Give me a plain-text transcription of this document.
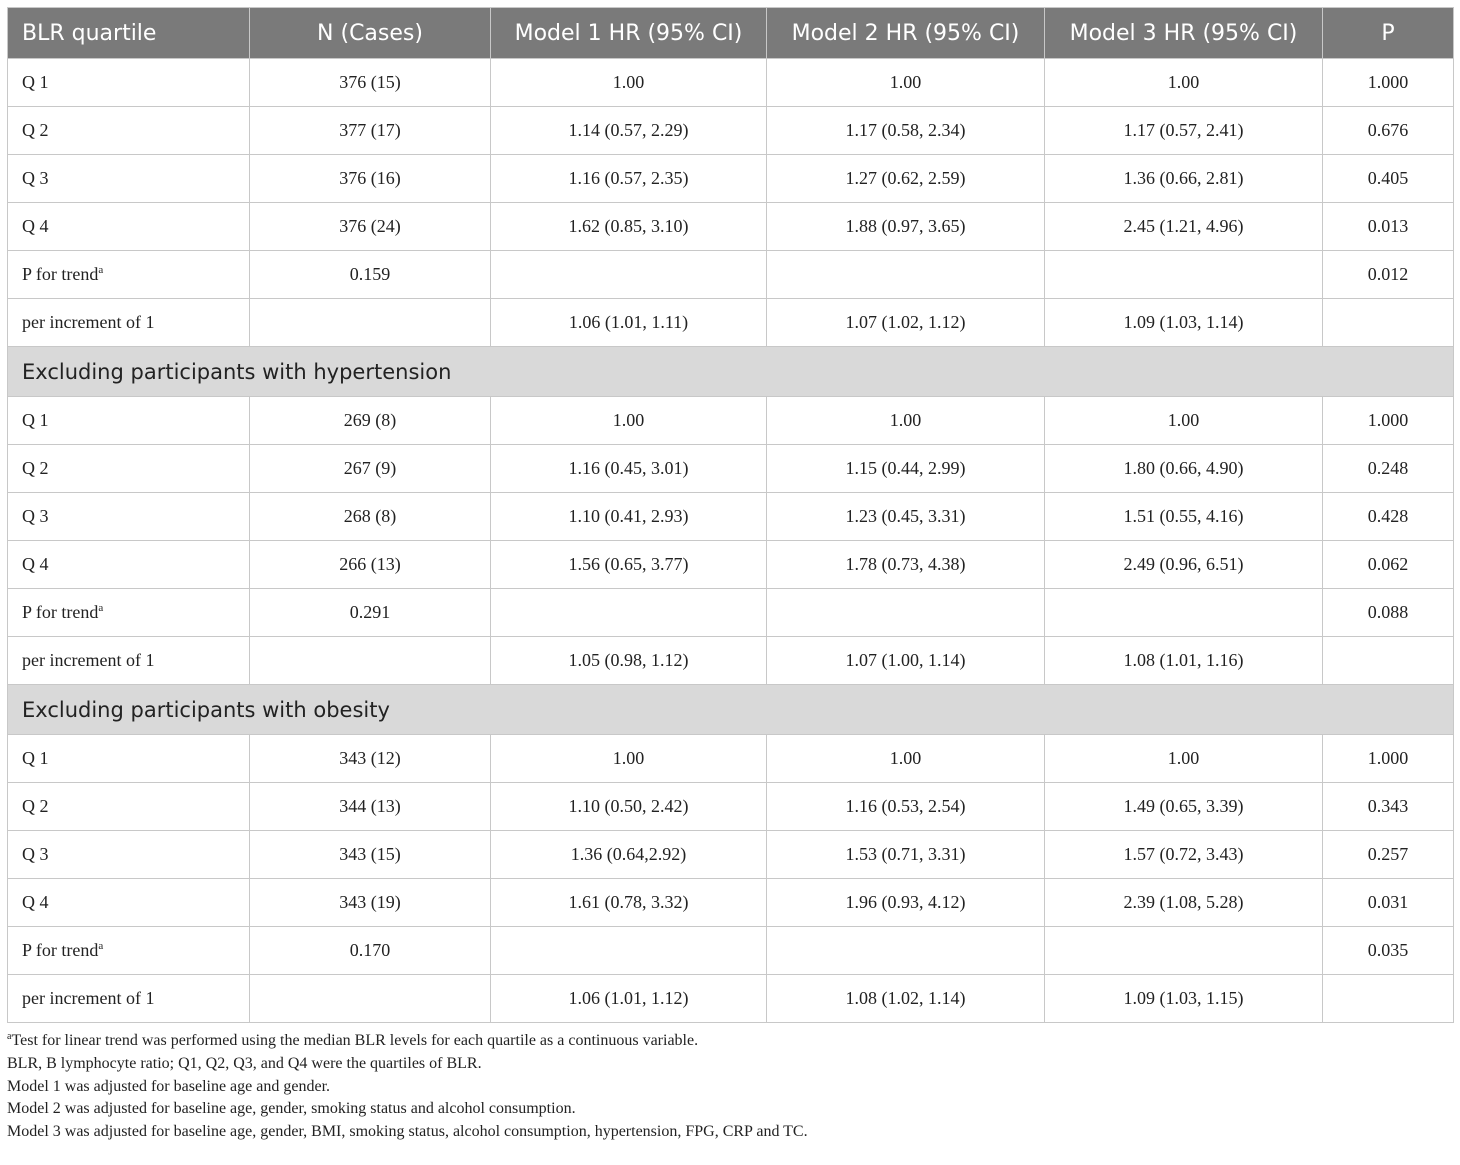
BLR quartile	N (Cases)	Model 1 HR (95% CI)	Model 2 HR (95% CI)	Model 3 HR (95% CI)	P
Q 1	376 (15)	1.00	1.00	1.00	1.000
Q 2	377 (17)	1.14 (0.57, 2.29)	1.17 (0.58, 2.34)	1.17 (0.57, 2.41)	0.676
Q 3	376 (16)	1.16 (0.57, 2.35)	1.27 (0.62, 2.59)	1.36 (0.66, 2.81)	0.405
Q 4	376 (24)	1.62 (0.85, 3.10)	1.88 (0.97, 3.65)	2.45 (1.21, 4.96)	0.013
P for trend$^a$	0.159				0.012
per increment of 1		1.06 (1.01, 1.11)	1.07 (1.02, 1.12)	1.09 (1.03, 1.14)	
Excluding participants with hypertension					
Q 1	269 (8)	1.00	1.00	1.00	1.000
Q 2	267 (9)	1.16 (0.45, 3.01)	1.15 (0.44, 2.99)	1.80 (0.66, 4.90)	0.248
Q 3	268 (8)	1.10 (0.41, 2.93)	1.23 (0.45, 3.31)	1.51 (0.55, 4.16)	0.428
Q 4	266 (13)	1.56 (0.65, 3.77)	1.78 (0.73, 4.38)	2.49 (0.96, 6.51)	0.062
P for trend$^a$	0.291				0.088
per increment of 1		1.05 (0.98, 1.12)	1.07 (1.00, 1.14)	1.08 (1.01, 1.16)	
Excluding participants with obesity					
Q 1	343 (12)	1.00	1.00	1.00	1.000
Q 2	344 (13)	1.10 (0.50, 2.42)	1.16 (0.53, 2.54)	1.49 (0.65, 3.39)	0.343
Q 3	343 (15)	1.36 (0.64,2.92)	1.53 (0.71, 3.31)	1.57 (0.72, 3.43)	0.257
Q 4	343 (19)	1.61 (0.78, 3.32)	1.96 (0.93, 4.12)	2.39 (1.08, 5.28)	0.031
P for trend$^a$	0.170				0.035
per increment of 1		1.06 (1.01, 1.12)	1.08 (1.02, 1.14)	1.09 (1.03, 1.15)	
$^a$Test for linear trend was performed using the median BLR levels for each quartile as a continuous variable.
BLR, B lymphocyte ratio; Q1, Q2, Q3, and Q4 were the quartiles of BLR.
Model 1 was adjusted for baseline age and gender.
Model 2 was adjusted for baseline age, gender, smoking status and alcohol consumption.
Model 3 was adjusted for baseline age, gender, BMI, smoking status, alcohol consumption, hypertension, FPG, CRP and TC.
